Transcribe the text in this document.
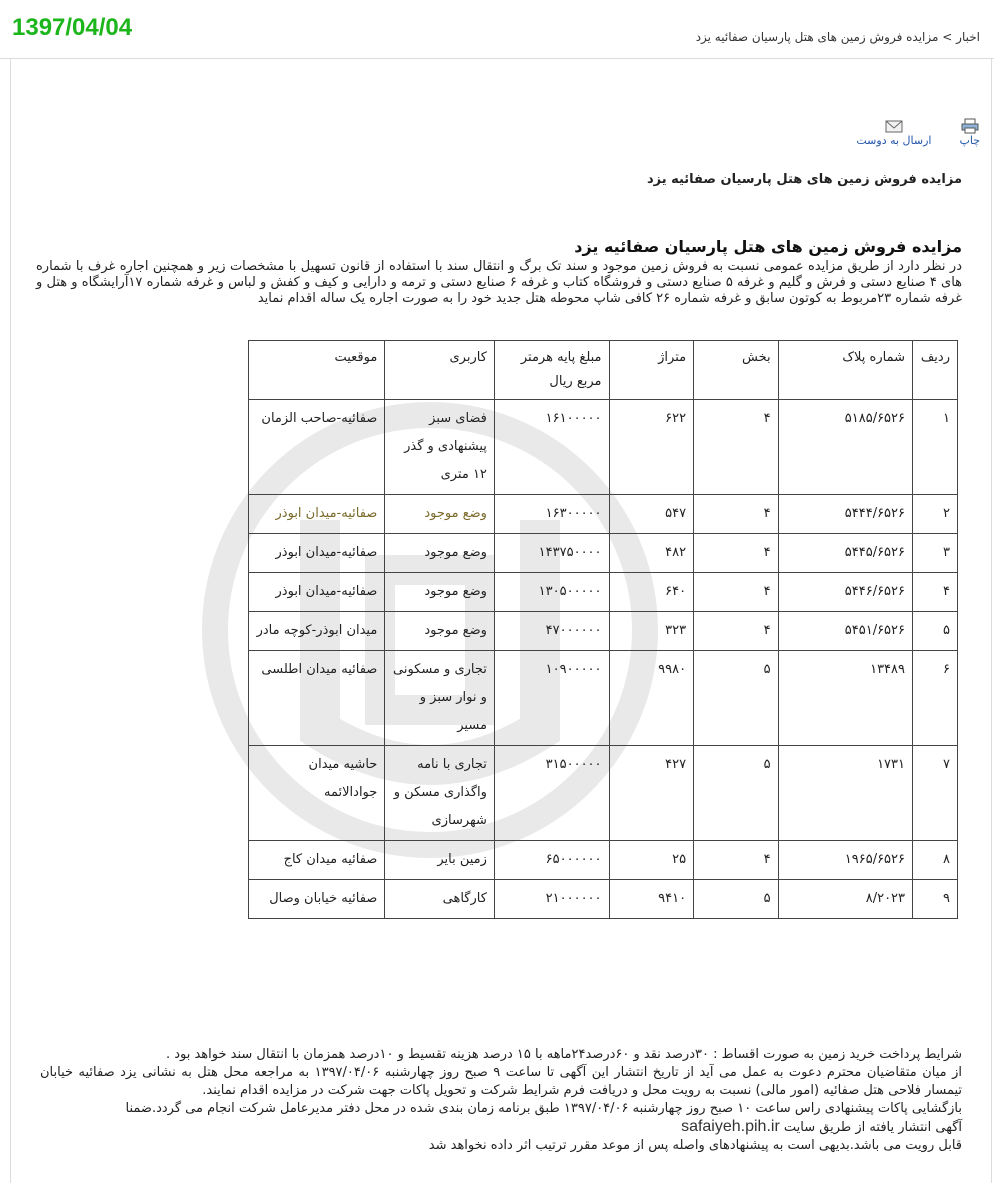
1397/04/04	اخبار > مزایده فروش زمین های هتل پارسیان صفائیه یزد
چاپ
ارسال به دوست
مزایده فروش زمین های هتل پارسیان صفائیه یزد
مزایده فروش زمین های هتل پارسیان صفائیه یزد
در نظر دارد از طریق مزایده عمومی نسبت به فروش زمین موجود و سند تک برگ و انتقال سند با استفاده از قانون تسهیل با مشخصات زیر و همچنین اجاره غرف با شماره های ۴ صنایع دستی و فرش و گلیم و غرفه ۵ صنایع دستی و فروشگاه کتاب و غرفه ۶ صنایع دستی و ترمه و دارایی و کیف و کفش و لباس و غرفه شماره ۱۷آرایشگاه و هتل و غرفه شماره ۲۳مربوط به کوتون سابق و غرفه شماره ۲۶ کافی شاپ محوطه هتل جدید خود را به صورت اجاره یک ساله اقدام نماید
ردیف	شماره پلاک	بخش	متراژ	مبلغ پایه هرمتر مربع ریال	کاربری	موقعیت
۱	۵۱۸۵/۶۵۲۶	۴	۶۲۲	۱۶۱۰۰۰۰۰	فضای سبز پیشنهادی و گذر ۱۲ متری	صفائیه-صاحب الزمان
۲	۵۴۴۴/۶۵۲۶	۴	۵۴۷	۱۶۳۰۰۰۰۰	وضع موجود	صفائیه-میدان ابوذر
۳	۵۴۴۵/۶۵۲۶	۴	۴۸۲	۱۴۳۷۵۰۰۰۰	وضع موجود	صفائیه-میدان ابوذر
۴	۵۴۴۶/۶۵۲۶	۴	۶۴۰	۱۳۰۵۰۰۰۰۰	وضع موجود	صفائیه-میدان ابوذر
۵	۵۴۵۱/۶۵۲۶	۴	۳۲۳	۴۷۰۰۰۰۰۰	وضع موجود	میدان ابوذر-کوچه مادر
۶	۱۳۴۸۹	۵	۹۹۸۰	۱۰۹۰۰۰۰۰	تجاری و مسکونی و نوار سبز و مسیر	صفائیه میدان اطلسی
۷	۱۷۳۱	۵	۴۲۷	۳۱۵۰۰۰۰۰	تجاری با نامه واگذاری مسکن و شهرسازی	حاشیه میدان جوادالائمه
۸	۱۹۶۵/۶۵۲۶	۴	۲۵	۶۵۰۰۰۰۰۰	زمین بایر	صفائیه میدان کاج
۹	۸/۲۰۲۳	۵	۹۴۱۰	۲۱۰۰۰۰۰۰	کارگاهی	صفائیه خیابان وصال

شرایط پرداخت خرید زمین به صورت اقساط : ۳۰درصد نقد و ۶۰درصد۲۴ماهه با ۱۵ درصد هزینه تقسیط و ۱۰درصد همزمان با انتقال سند خواهد بود .

از میان متقاضیان محترم دعوت به عمل می آید از تاریخ انتشار این آگهی تا ساعت ۹ صبح روز چهارشنبه ۱۳۹۷/۰۴/۰۶ به مراجعه محل هتل به نشانی یزد صفائیه خیابان تیمسار فلاحی هتل صفائیه (امور مالی) نسبت به رویت محل و دریافت فرم شرایط شرکت و تحویل پاکات جهت شرکت در مزایده اقدام نمایند.

بازگشایی پاکات پیشنهادی راس ساعت ۱۰ صبح روز چهارشنبه ۱۳۹۷/۰۴/۰۶ طبق برنامه زمان بندی شده در محل دفتر مدیرعامل شرکت انجام می گردد.ضمنا

آگهی انتشار یافته از طریق سایت safaiyeh.pih.ir

قابل رویت می باشد.بدیهی است به پیشنهادهای واصله پس از موعد مقرر ترتیب اثر داده نخواهد شد
